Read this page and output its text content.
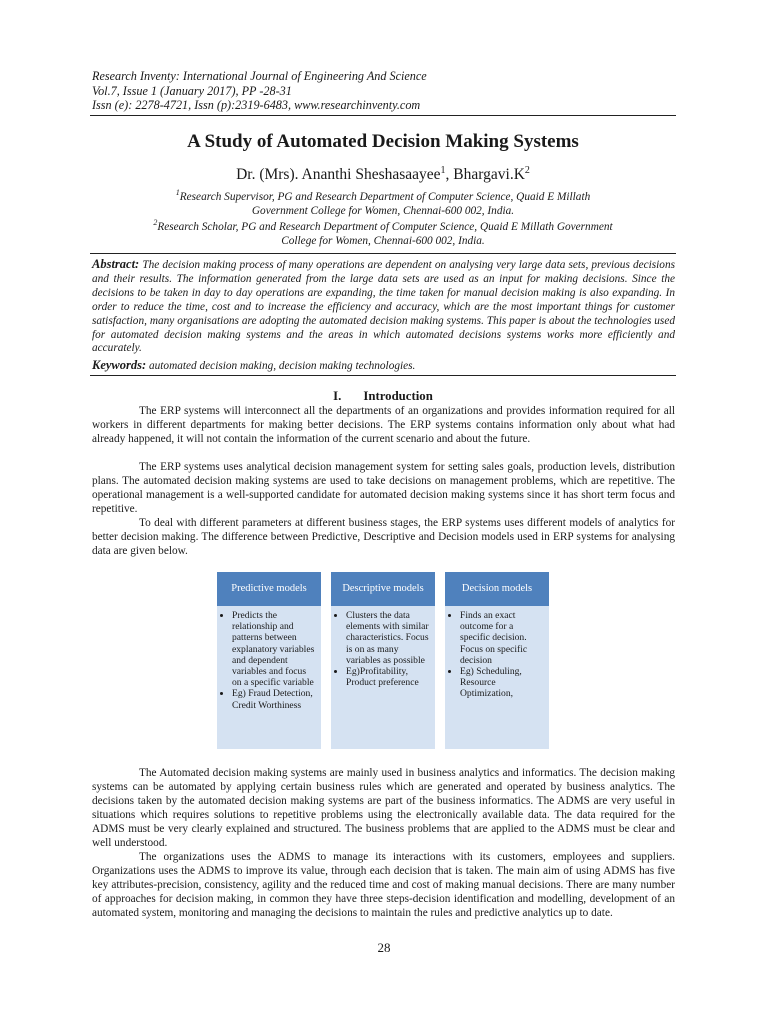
Research Inventy: International Journal of Engineering And Science
Vol.7, Issue 1 (January 2017), PP -28-31
Issn (e): 2278-4721, Issn (p):2319-6483, www.researchinventy.com
A Study of Automated Decision Making Systems
Dr. (Mrs). Ananthi Sheshasaayee$^1$, $Bhargavi.K^2$
$^1$Research Supervisor, PG and Research Department of Computer Science, Quaid E Millath Government College for Women, Chennai-600 002, India.
$^2$Research Scholar, PG and Research Department of Computer Science, Quaid E Millath Government College for Women, Chennai-600 002, India.
Abstract: The decision making process of many operations are dependent on analysing very large data sets, previous decisions and their results. The information generated from the large data sets are used as an input for making decisions. Since the decisions to be taken in day to day operations are expanding, the time taken for manual decision making is also expanding. In order to reduce the time, cost and to increase the efficiency and accuracy, which are the most important things for customer satisfaction, many organisations are adopting the automated decision making systems. This paper is about the technologies used for automated decision making systems and the areas in which automated decisions systems works more efficiently and accurately.
Keywords: automated decision making, decision making technologies.
I. Introduction
The ERP systems will interconnect all the departments of an organizations and provides information required for all workers in different departments for making better decisions. The ERP systems contains information only about what had already happened, it will not contain the information of the current scenario and about the future.
The ERP systems uses analytical decision management system for setting sales goals, production levels, distribution plans. The automated decision making systems are used to take decisions on management problems, which are repetitive. The operational management is a well-supported candidate for automated decision making systems since it has short term focus and repetitive.
To deal with different parameters at different business stages, the ERP systems uses different models of analytics for better decision making. The difference between Predictive, Descriptive and Decision models used in ERP systems for analysing data are given below.
Predictive models
• Predicts the relationship and patterns between explanatory variables and dependent variables and focus on a specific variable
• Eg) Fraud Detection, Credit Worthiness
Descriptive models
• Clusters the data elements with similar characteristics. Focus is on as many variables as possible
• Eg)Profitability, Product preference
Decision models
• Finds an exact outcome for a specific decision. Focus on specific decision
• Eg) Scheduling, Resource Optimization,
The Automated decision making systems are mainly used in business analytics and informatics. The decision making systems can be automated by applying certain business rules which are generated and operated by business analytics. The decisions taken by the automated decision making systems are part of the business informatics. The ADMS are very useful in situations which requires solutions to repetitive problems using the electronically available data. The data required for the ADMS must be very clearly explained and structured. The business problems that are applied to the ADMS must be clear and well understood.
The organizations uses the ADMS to manage its interactions with its customers, employees and suppliers. Organizations uses the ADMS to improve its value, through each decision that is taken. The main aim of using ADMS has five key attributes-precision, consistency, agility and the reduced time and cost of making manual decisions. There are many number of approaches for decision making, in common they have three steps-decision identification and modelling, development of an automated system, monitoring and managing the decisions to maintain the rules and predictive analytics up to date.
28
